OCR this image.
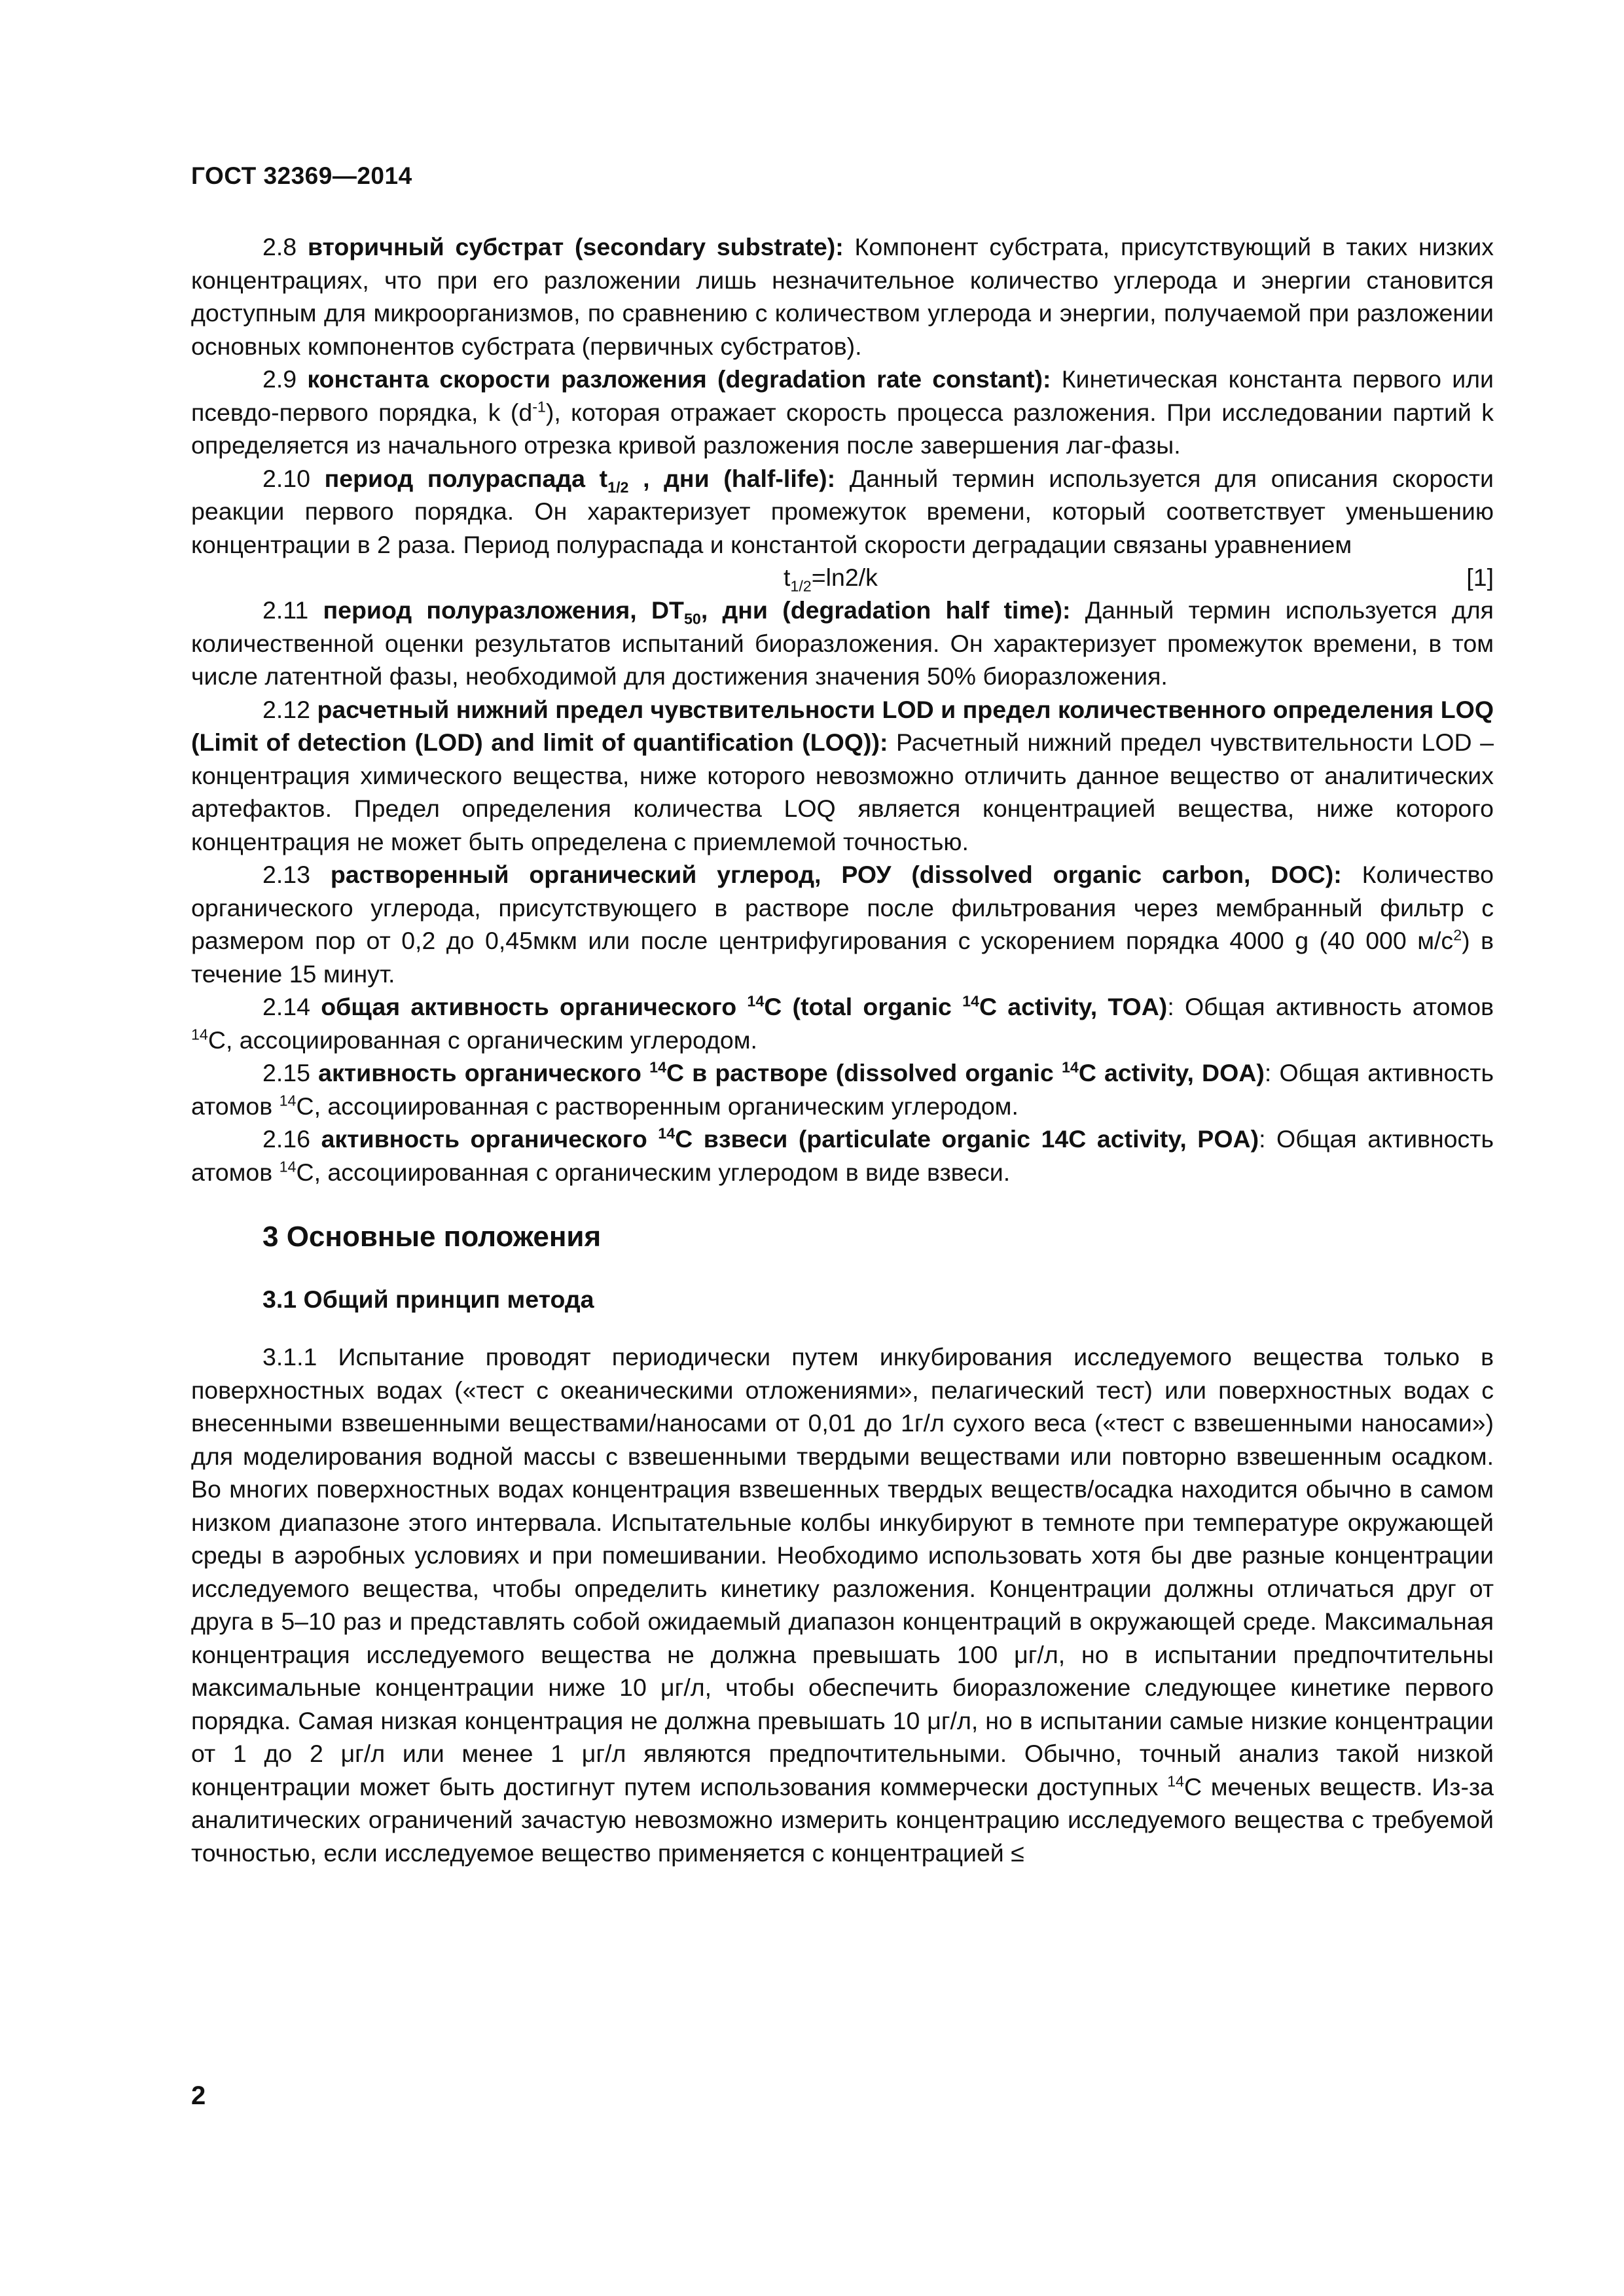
ГОСТ 32369—2014

2.8 вторичный субстрат (secondary substrate): Компонент субстрата, присутствующий в таких низких концентрациях, что при его разложении лишь незначительное количество углерода и энергии становится доступным для микроорганизмов, по сравнению с количеством углерода и энергии, получаемой при разложении основных компонентов субстрата (первичных субстратов).

2.9 константа скорости разложения (degradation rate constant): Кинетическая константа первого или псевдо-первого порядка, k $(d^{-1})$, которая отражает скорость процесса разложения. При исследовании партий k определяется из начального отрезка кривой разложения после завершения лаг-фазы.

2.10 период полураспада $t_{1/2}$ , дни (half-life): Данный термин используется для описания скорости реакции первого порядка. Он характеризует промежуток времени, который соответствует уменьшению концентрации в 2 раза. Период полураспада и константой скорости деградации связаны уравнением

$t_{1/2}=\ln 2/k$	[1]

2.11 период полуразложения, $DT_{50}$, дни (degradation half time): Данный термин используется для количественной оценки результатов испытаний биоразложения. Он характеризует промежуток времени, в том числе латентной фазы, необходимой для достижения значения 50% биоразложения.

2.12 расчетный нижний предел чувствительности LOD и предел количественного определения LOQ (Limit of detection (LOD) and limit of quantification (LOQ)): Расчетный нижний предел чувствительности LOD – концентрация химического вещества, ниже которого невозможно отличить данное вещество от аналитических артефактов. Предел определения количества LOQ является концентрацией вещества, ниже которого концентрация не может быть определена с приемлемой точностью.

2.13 растворенный органический углерод, РОУ (dissolved organic carbon, DOC): Количество органического углерода, присутствующего в растворе после фильтрования через мембранный фильтр с размером пор от 0,2 до 0,45мкм или после центрифугирования с ускорением порядка 4000 g (40 000 $м/с^2$) в течение 15 минут.

2.14 общая активность органического $^{14}$С (total organic $^{14}$C activity, TOA): Общая активность атомов $^{14}$С, ассоциированная с органическим углеродом.

2.15 активность органического $^{14}$С в растворе (dissolved organic $^{14}$C activity, DOA): Общая активность атомов $^{14}$С, ассоциированная с растворенным органическим углеродом.

2.16 активность органического $^{14}$С взвеси (particulate organic 14C activity, POA): Общая активность атомов $^{14}$С, ассоциированная с органическим углеродом в виде взвеси.

3 Основные положения
3.1 Общий принцип метода

3.1.1 Испытание проводят периодически путем инкубирования исследуемого вещества только в поверхностных водах («тест с океаническими отложениями», пелагический тест) или поверхностных водах с внесенными взвешенными веществами/наносами от 0,01 до 1г/л сухого веса («тест с взвешенными наносами») для моделирования водной массы с взвешенными твердыми веществами или повторно взвешенным осадком. Во многих поверхностных водах концентрация взвешенных твердых веществ/осадка находится обычно в самом низком диапазоне этого интервала. Испытательные колбы инкубируют в темноте при температуре окружающей среды в аэробных условиях и при помешивании. Необходимо использовать хотя бы две разные концентрации исследуемого вещества, чтобы определить кинетику разложения. Концентрации должны отличаться друг от друга в 5–10 раз и представлять собой ожидаемый диапазон концентраций в окружающей среде. Максимальная концентрация исследуемого вещества не должна превышать 100 μг/л, но в испытании предпочтительны максимальные концентрации ниже 10 μг/л, чтобы обеспечить биоразложение следующее кинетике первого порядка. Самая низкая концентрация не должна превышать 10 μг/л, но в испытании самые низкие концентрации от 1 до 2 μг/л или менее 1 μг/л являются предпочтительными. Обычно, точный анализ такой низкой концентрации может быть достигнут путем использования коммерчески доступных $^{14}$С меченых веществ. Из-за аналитических ограничений зачастую невозможно измерить концентрацию исследуемого вещества с требуемой точностью, если исследуемое вещество применяется с концентрацией ≤

2
